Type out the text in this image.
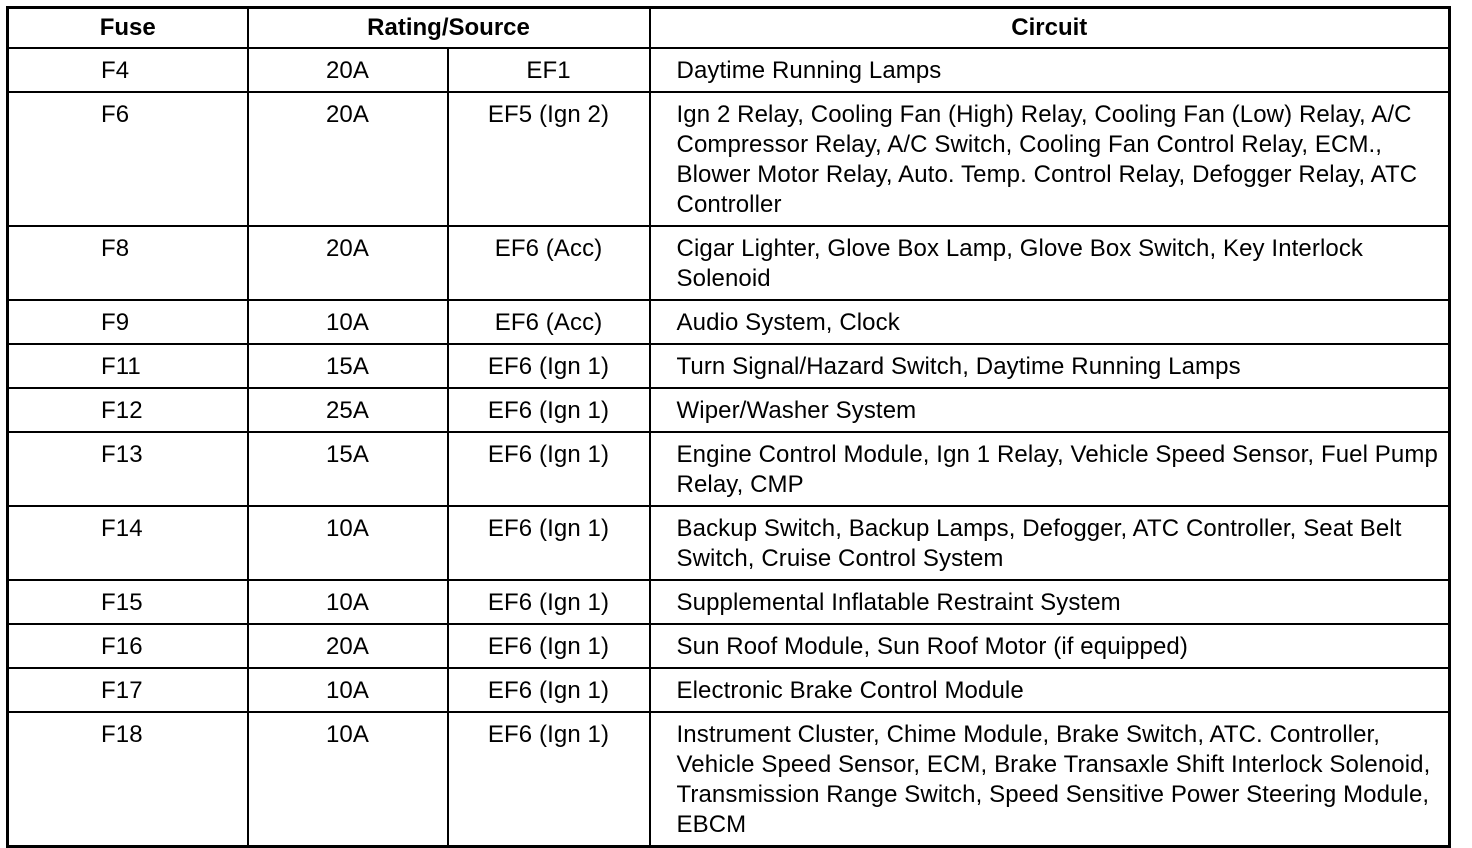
Fuse	Rating/Source		Circuit
F4	20A	EF1	Daytime Running Lamps
F6	20A	EF5 (Ign 2)	Ign 2 Relay, Cooling Fan (High) Relay, Cooling Fan (Low) Relay, A/C Compressor Relay, A/C Switch, Cooling Fan Control Relay, ECM., Blower Motor Relay, Auto. Temp. Control Relay, Defogger Relay, ATC Controller
F8	20A	EF6 (Acc)	Cigar Lighter, Glove Box Lamp, Glove Box Switch, Key Interlock Solenoid
F9	10A	EF6 (Acc)	Audio System, Clock
F11	15A	EF6 (Ign 1)	Turn Signal/Hazard Switch, Daytime Running Lamps
F12	25A	EF6 (Ign 1)	Wiper/Washer System
F13	15A	EF6 (Ign 1)	Engine Control Module, Ign 1 Relay, Vehicle Speed Sensor, Fuel Pump Relay, CMP
F14	10A	EF6 (Ign 1)	Backup Switch, Backup Lamps, Defogger, ATC Controller, Seat Belt Switch, Cruise Control System
F15	10A	EF6 (Ign 1)	Supplemental Inflatable Restraint System
F16	20A	EF6 (Ign 1)	Sun Roof Module, Sun Roof Motor (if equipped)
F17	10A	EF6 (Ign 1)	Electronic Brake Control Module
F18	10A	EF6 (Ign 1)	Instrument Cluster, Chime Module, Brake Switch, ATC. Controller, Vehicle Speed Sensor, ECM, Brake Transaxle Shift Interlock Solenoid, Transmission Range Switch, Speed Sensitive Power Steering Module, EBCM
